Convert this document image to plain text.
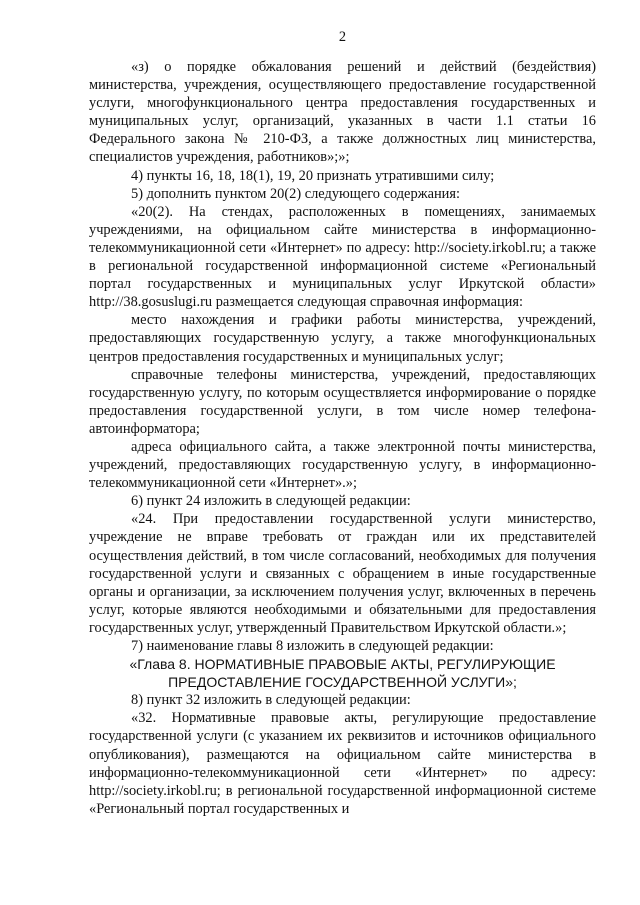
2

«з) о порядке обжалования решений и действий (бездействия) министерства, учреждения, осуществляющего предоставление государственной услуги, многофункционального центра предоставления государственных и муниципальных услуг, организаций, указанных в части 1.1 статьи 16 Федерального закона № 210-ФЗ, а также должностных лиц министерства, специалистов учреждения, работников»;»;

4) пункты 16, 18, 18(1), 19, 20 признать утратившими силу;

5) дополнить пунктом 20(2) следующего содержания:

«20(2). На стендах, расположенных в помещениях, занимаемых учреждениями, на официальном сайте министерства в информационно-телекоммуникационной сети «Интернет» по адресу: http://society.irkobl.ru; а также в региональной государственной информационной системе «Региональный портал государственных и муниципальных услуг Иркутской области» http://38.gosuslugi.ru размещается следующая справочная информация:

место нахождения и графики работы министерства, учреждений, предоставляющих государственную услугу, а также многофункциональных центров предоставления государственных и муниципальных услуг;

справочные телефоны министерства, учреждений, предоставляющих государственную услугу, по которым осуществляется информирование о порядке предоставления государственной услуги, в том числе номер телефона-автоинформатора;

адреса официального сайта, а также электронной почты министерства, учреждений, предоставляющих государственную услугу, в информационно-телекоммуникационной сети «Интернет».»;

6) пункт 24 изложить в следующей редакции:

«24. При предоставлении государственной услуги министерство, учреждение не вправе требовать от граждан или их представителей осуществления действий, в том числе согласований, необходимых для получения государственной услуги и связанных с обращением в иные государственные органы и организации, за исключением получения услуг, включенных в перечень услуг, которые являются необходимыми и обязательными для предоставления государственных услуг, утвержденный Правительством Иркутской области.»;

7) наименование главы 8 изложить в следующей редакции:

«Глава 8. НОРМАТИВНЫЕ ПРАВОВЫЕ АКТЫ, РЕГУЛИРУЮЩИЕ ПРЕДОСТАВЛЕНИЕ ГОСУДАРСТВЕННОЙ УСЛУГИ»;

8) пункт 32 изложить в следующей редакции:

«32. Нормативные правовые акты, регулирующие предоставление государственной услуги (с указанием их реквизитов и источников официального опубликования), размещаются на официальном сайте министерства в информационно-телекоммуникационной сети «Интернет» по адресу: http://society.irkobl.ru; в региональной государственной информационной системе «Региональный портал государственных и
